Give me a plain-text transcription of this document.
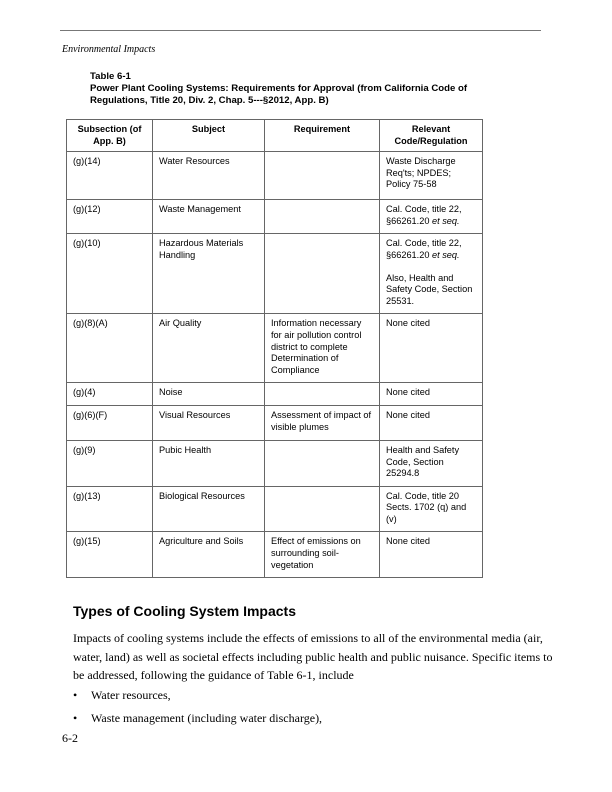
Environmental Impacts
Table 6-1
Power Plant Cooling Systems: Requirements for Approval (from California Code of Regulations, Title 20, Div. 2, Chap. 5---§2012, App. B)
Subsection (of App. B)	Subject	Requirement	Relevant Code/Regulation
(g)(14)	Water Resources		Waste Discharge Req'ts; NPDES; Policy 75-58

(g)(12)	Waste Management		Cal. Code, title 22, §66261.20 et seq.

(g)(10)	Hazardous Materials Handling		Cal. Code, title 22, §66261.20 et seq.

Also, Health and Safety Code, Section 25531.

(g)(8)(A)	Air Quality	Information necessary for air pollution control district to complete Determination of Compliance	None cited

(g)(4)	Noise		None cited

(g)(6)(F)	Visual Resources	Assessment of impact of visible plumes	None cited

(g)(9)	Pubic Health		Health and Safety Code, Section 25294.8

(g)(13)	Biological Resources		Cal. Code, title 20 Sects. 1702 (q) and (v)

(g)(15)	Agriculture and Soils	Effect of emissions on surrounding soil-vegetation	None cited

Types of Cooling System Impacts
Impacts of cooling systems include the effects of emissions to all of the environmental media (air, water, land) as well as societal effects including public health and public nuisance. Specific items to be addressed, following the guidance of Table 6-1, include
•	Water resources,
•	Waste management (including water discharge),
6-2
